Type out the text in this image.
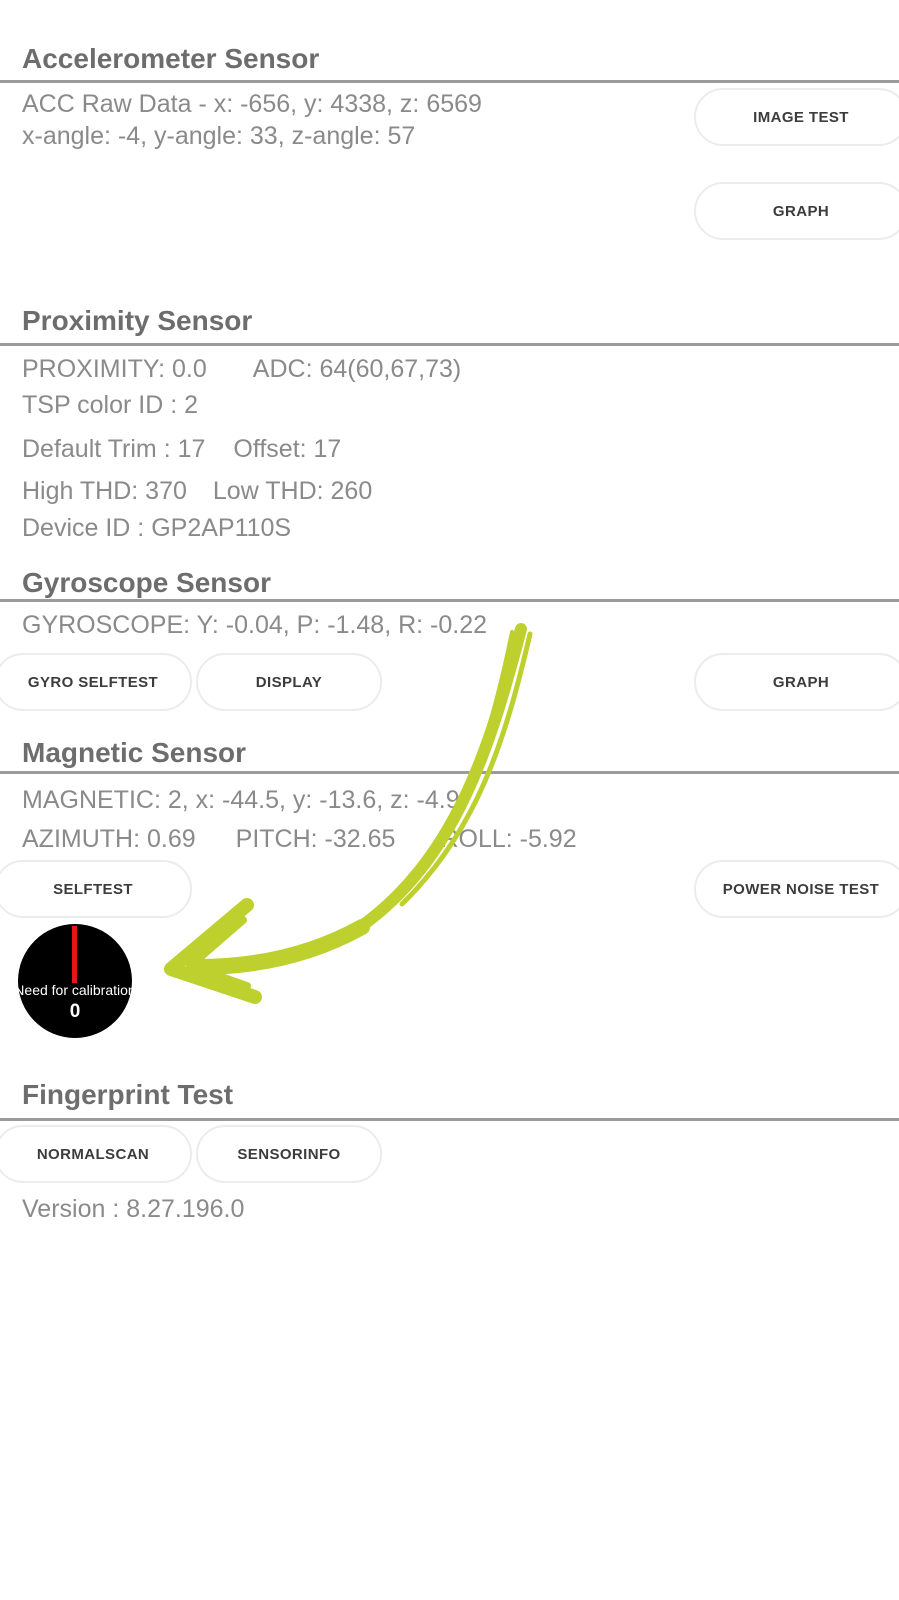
Accelerometer Sensor
ACC Raw Data - x: -656, y: 4338, z: 6569
x-angle: -4, y-angle: 33, z-angle: 57
IMAGE TEST
GRAPH
Proximity Sensor
PROXIMITY: 0.0 ADC: 64(60,67,73)
TSP color ID : 2
Default Trim : 17 Offset: 17
High THD: 370 Low THD: 260
Device ID : GP2AP110S
Gyroscope Sensor
GYROSCOPE: Y: -0.04, P: -1.48, R: -0.22
GYRO SELFTEST	DISPLAY	GRAPH
Magnetic Sensor
MAGNETIC: 2, x: -44.5, y: -13.6, z: -4.9
AZIMUTH: 0.69 PITCH: -32.65 ROLL: -5.92
SELFTEST	POWER NOISE TEST
Need for calibration
0
Fingerprint Test
NORMALSCAN	SENSORINFO
Version : 8.27.196.0
